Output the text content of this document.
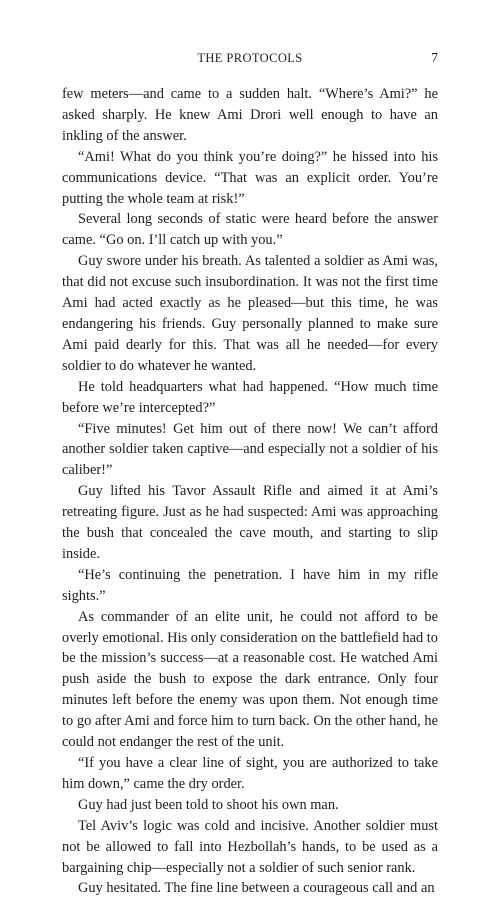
THE PROTOCOLS	7

few meters—and came to a sudden halt. “Where’s Ami?” he asked sharply. He knew Ami Drori well enough to have an inkling of the answer.

“Ami! What do you think you’re doing?” he hissed into his communications device. “That was an explicit order. You’re putting the whole team at risk!”

Several long seconds of static were heard before the answer came. “Go on. I’ll catch up with you.”

Guy swore under his breath. As talented a soldier as Ami was, that did not excuse such insubordination. It was not the first time Ami had acted exactly as he pleased—but this time, he was endangering his friends. Guy personally planned to make sure Ami paid dearly for this. That was all he needed—for every soldier to do whatever he wanted.

He told headquarters what had happened. “How much time before we’re intercepted?”

“Five minutes! Get him out of there now! We can’t afford another soldier taken captive—and especially not a soldier of his caliber!”

Guy lifted his Tavor Assault Rifle and aimed it at Ami’s retreating figure. Just as he had suspected: Ami was approaching the bush that concealed the cave mouth, and starting to slip inside.

“He’s continuing the penetration. I have him in my rifle sights.”

As commander of an elite unit, he could not afford to be overly emotional. His only consideration on the battlefield had to be the mission’s success—at a reasonable cost. He watched Ami push aside the bush to expose the dark entrance. Only four minutes left before the enemy was upon them. Not enough time to go after Ami and force him to turn back. On the other hand, he could not endanger the rest of the unit.

“If you have a clear line of sight, you are authorized to take him down,” came the dry order.

Guy had just been told to shoot his own man.

Tel Aviv’s logic was cold and incisive. Another soldier must not be allowed to fall into Hezbollah’s hands, to be used as a bargaining chip—especially not a soldier of such senior rank.

Guy hesitated. The fine line between a courageous call and an
